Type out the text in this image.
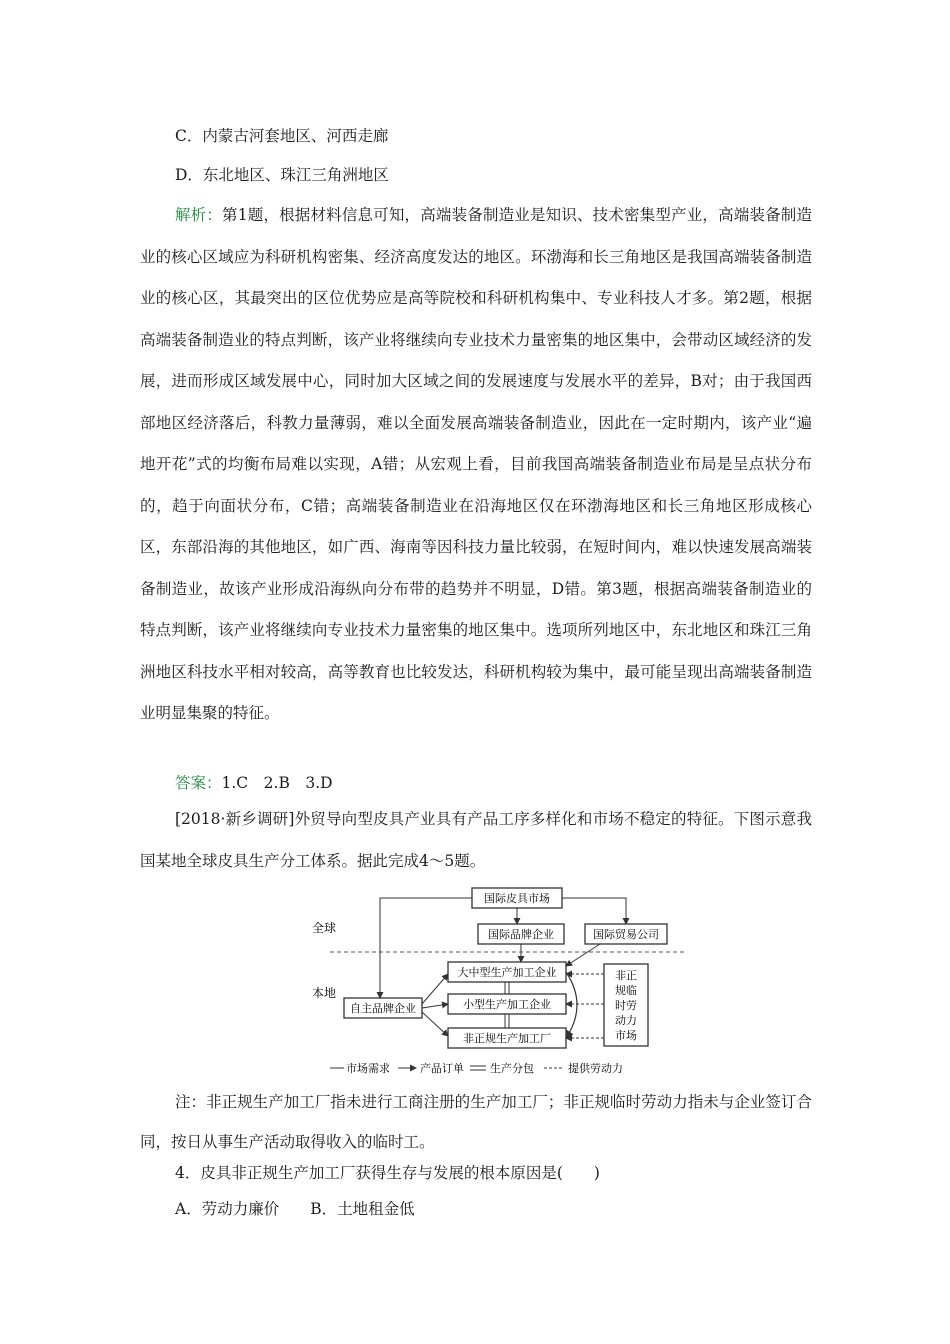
C．内蒙古河套地区、河西走廊
D．东北地区、珠江三角洲地区
解析：第1题，根据材料信息可知，高端装备制造业是知识、技术密集型产业，高端装备制造业的核心区域应为科研机构密集、经济高度发达的地区。环渤海和长三角地区是我国高端装备制造业的核心区，其最突出的区位优势应是高等院校和科研机构集中、专业科技人才多。第2题，根据高端装备制造业的特点判断，该产业将继续向专业技术力量密集的地区集中，会带动区域经济的发展，进而形成区域发展中心，同时加大区域之间的发展速度与发展水平的差异，B对；由于我国西部地区经济落后，科教力量薄弱，难以全面发展高端装备制造业，因此在一定时期内，该产业“遍地开花”式的均衡布局难以实现，A错；从宏观上看，目前我国高端装备制造业布局是呈点状分布的，趋于向面状分布，C错；高端装备制造业在沿海地区仅在环渤海地区和长三角地区形成核心区，东部沿海的其他地区，如广西、海南等因科技力量比较弱，在短时间内，难以快速发展高端装备制造业，故该产业形成沿海纵向分布带的趋势并不明显，D错。第3题，根据高端装备制造业的特点判断，该产业将继续向专业技术力量密集的地区集中。选项所列地区中，东北地区和珠江三角洲地区科技水平相对较高，高等教育也比较发达，科研机构较为集中，最可能呈现出高端装备制造业明显集聚的特征。
答案：1.C　2.B　3.D
[2018·新乡调研]外贸导向型皮具产业具有产品工序多样化和市场不稳定的特征。下图示意我国某地全球皮具生产分工体系。据此完成4～5题。
全球
本地
国际皮具市场
国际品牌企业	国际贸易公司
大中型生产加工企业
小型生产加工企业
非正规生产加工厂
自主品牌企业
非正
规临
时劳
动力
市场
市场需求	产品订单 生产分包	提供劳动力
注：非正规生产加工厂指未进行工商注册的生产加工厂；非正规临时劳动力指未与企业签订合同，按日从事生产活动取得收入的临时工。
4．皮具非正规生产加工厂获得生存与发展的根本原因是(　　)
A．劳动力廉价　　B．土地租金低
